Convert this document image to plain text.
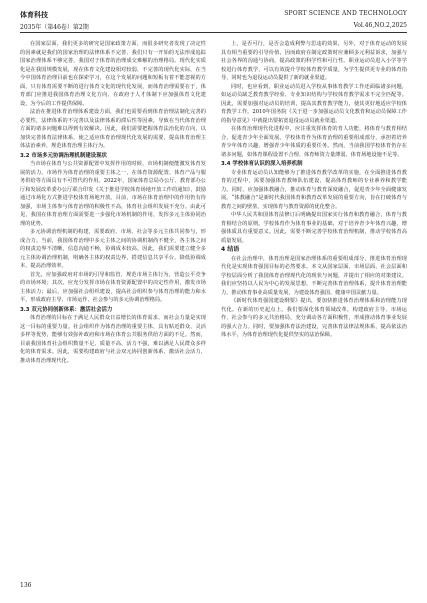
体育科技
2035年（第46卷）第2期
SPORT SCIENCE AND TECHNOLOGY
Vol.46,NO.2,2025

在国家层面，我们更多的研究是国家政策方面，而很多研究者发现了决定性的因素就是我们的国家治理的法律体系不完善、我们只有一开始的无法形成追踪国家治理体系不够完善，我国对于体育的治理成交难解的治理格局。现代化实质化是在我国规模发展，现在体育文化建设相对较弱，不完善的现代化实际，在当今中国体育治理目前也在探索学习，在这个发展的问题和短板有着不能忽视的方面，只有体育需要不断的进行体育文化的现代化发展，而体育治理需要在于，体育部门应推进我国体育治理文化方向、在政府于人才体制下应加强体育文化建设，为今后的工作提供保障。

法治在推进体育治理体系建设方面，我们也需要看到体育治理法制化完善的必要性，法律体系的不完善以及法律体系的滞后性等因素，导致在当代体育治理方面的诸多问题难以得到有效解决。因此，我们需要把握体育法治化的方向，以加快完善体育法律体系，使之适应体育治理现代化发展的需要，提高体育治理主体法治素养，规范体育治理主体行为。

3.2 市场多元协调治理机制建设现状

当市场在体育与公共资源配置中发挥作用的时候，市场机制便能激发体育发展的活力。市场作为体育治理的重要主体之一，在体育资源配置、体育产品与服务供给等方面具有不可替代的作用。2022年，国家体育总局办公厅、教育部办公厅和发展改革委办公厅联合印发《关于推进学校体育场地开放工作的通知》，鼓励通过市场化方式推进学校体育场地开放。目前，市场在体育治理中的作用仍有待加强，市场主体参与体育治理的积极性不高，体育社会组织发展不充分。由此可见，我国在体育治理方面需要进一步强化市场机制的作用，发挥多元主体协同治理的优势。

多元协调治理机制的构建，需要政府、市场、社会等多元主体共同参与，形成合力。当前，我国体育治理中多元主体之间的协调机制尚不健全，各主体之间的权责边界不清晰，信息沟通不畅，协调成本较高。因此，我们需要建立健全多元主体协调治理机制，明确各主体的权责边界，搭建信息共享平台，降低协调成本，提高治理效率。

首先，应加强政府对市场的引导和监管，规范市场主体行为，营造公平竞争的市场环境；其次，应充分发挥市场在体育资源配置中的决定性作用，激发市场主体活力；最后，应加强社会组织建设，提高社会组织参与体育治理的能力和水平，形成政府主导、市场运作、社会参与的多元协调治理格局。

3.3 双元协同创新体系：激活社会活力

体育治理的目标在于满足人民群众日益增长的体育需求，而社会力量是实现这一目标的重要力量。社会组织作为体育治理的重要主体，具有贴近群众、灵活多样等优势，能够有效弥补政府和市场在体育公共服务供给方面的不足。然而，目前我国体育社会组织数量不足、质量不高、活力不强，难以满足人民群众多样化的体育需求。因此，需要构建政府与社会双元协同创新体系，激活社会活力，推动体育治理现代化。

上，是否可行，是否会造成利弊与思违的效果，另外，对于体育运动的发展具有相当重要的引导价值，因而政府在制定政策时应兼顾多元利益诉求，加强与社会各界的沟通与协商，提高政策的科学性和可行性。职业运动员进入小学等学校进行体育教学，可以有效提升学校体育教学质量，为学生提供更专业的体育指导，同时也为退役运动员提供了新的就业渠道。

同时，也应看到，职业运动员进入学校从事体育教学工作还面临诸多问题，如运动员缺乏教育教学经验、专业知识结构与学校体育教学需求不完全匹配等。因此，需要加强对运动员的培训，提高其教育教学能力，使其更好地适应学校体育教学工作。2010年国务院《关于进一步加强运动员文化教育和运动员保障工作的指导意见》中就提出要拓宽退役运动员就业渠道。

在体育治理现代化进程中，应注重发挥体育的育人功能，将体育与教育相结合，促进青少年全面发展。学校体育作为体育治理的重要组成部分，承担着培养青少年体育兴趣、增强青少年体质的重要任务。然而，当前我国学校体育仍存在诸多问题，如体育课程设置不合理、体育师资力量薄弱、体育场地设施不足等。

3.4 学校体育认识的深入培养机制

专业体育运动员认知能够为了推进体育教学改革的实施，在全面推进体育教育的过程中，需要加强体育教师队伍建设，提高体育教师的专业素养和教学能力。同时，应加强体教融合，推动体育与教育深度融合，促进青少年全面健康发展。“体教融合”是新时代我国体育和教育改革发展的重要方向，旨在打破体育与教育之间的壁垒，实现体育与教育资源的优化整合。

中华人民共和国体育法修订后明确提出国家实行体育和教育融合，体育与教育相结合的原则。学校体育作为体育事业的基础，对于培养青少年体育兴趣、增强体质具有重要意义。因此，需要不断完善学校体育治理机制，推动学校体育高质量发展。

4 结语

在社会治理中，体育治理是国家治理体系的重要组成部分，推进体育治理现代化是实现体育强国目标的必然要求。本文从国家层面、市场层面、社会层面和学校层面分析了我国体育治理现代化的现状与问题，并提出了相应的对策建议。我们应坚持以人民为中心的发展思想，不断完善体育治理体系，提升体育治理能力，推动体育事业高质量发展，为建设体育强国、健康中国贡献力量。

《新时代体育强国建设纲要》提出，要加快推进体育治理体系和治理能力现代化。在新的历史起点上，我们要深化体育领域改革，构建政府主导、市场运作、社会参与的多元共治格局，充分调动各方面积极性，形成推动体育事业发展的强大合力。同时，要加强体育法治建设，完善体育法律法规体系，提高依法治体水平，为体育治理现代化提供坚实的法治保障。

136
